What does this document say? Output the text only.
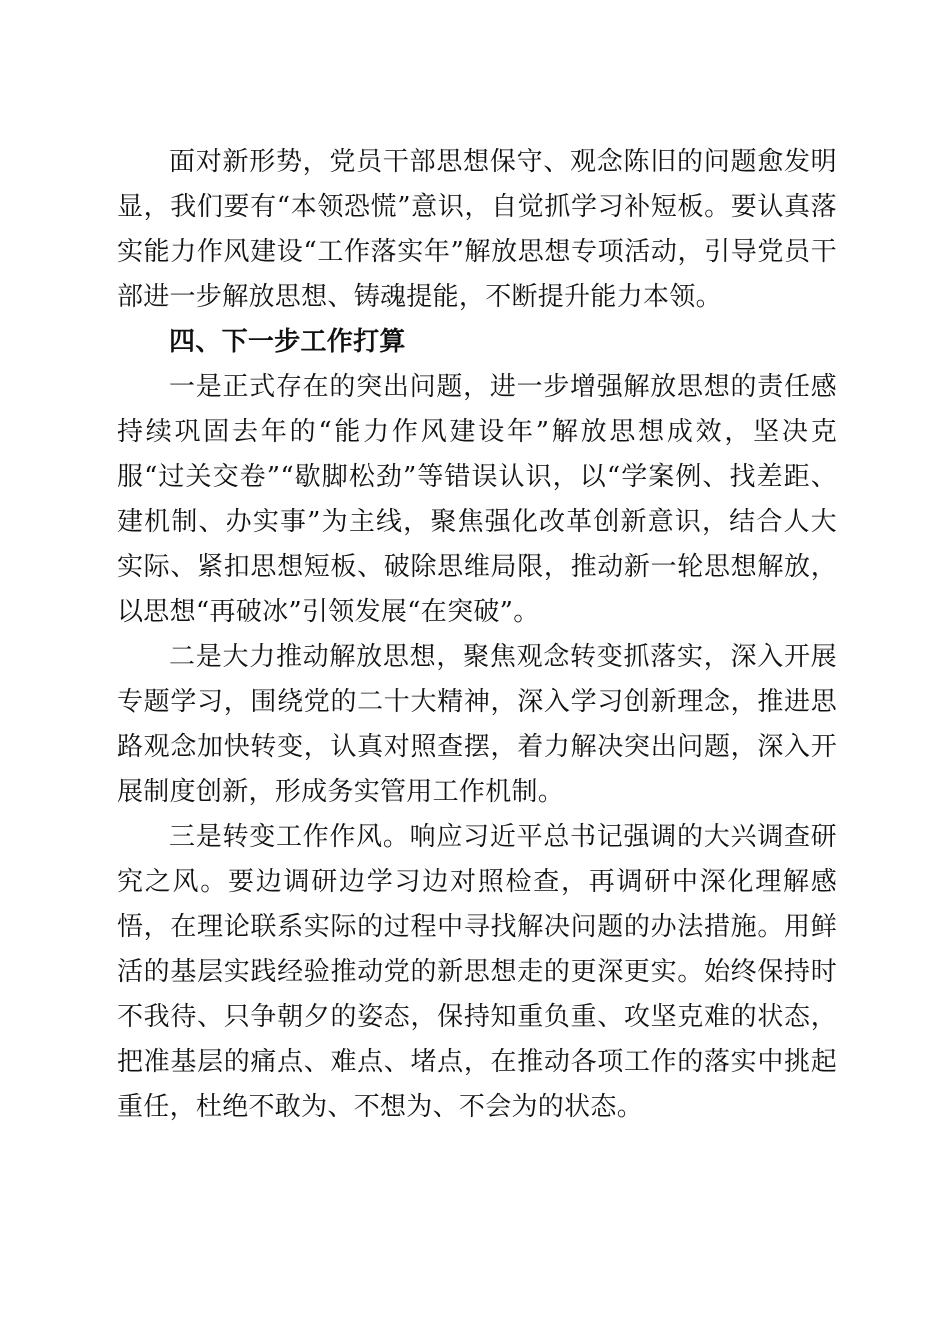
面对新形势，党员干部思想保守、观念陈旧的问题愈发明显，我们要有“本领恐慌”意识，自觉抓学习补短板。要认真落实能力作风建设“工作落实年”解放思想专项活动，引导党员干部进一步解放思想、铸魂提能，不断提升能力本领。

四、下一步工作打算

一是正式存在的突出问题，进一步增强解放思想的责任感持续巩固去年的“能力作风建设年”解放思想成效，坚决克服“过关交卷”“歇脚松劲”等错误认识，以“学案例、找差距、建机制、办实事”为主线，聚焦强化改革创新意识，结合人大实际、紧扣思想短板、破除思维局限，推动新一轮思想解放，以思想“再破冰”引领发展“在突破”。

二是大力推动解放思想，聚焦观念转变抓落实，深入开展专题学习，围绕党的二十大精神，深入学习创新理念，推进思路观念加快转变，认真对照查摆，着力解决突出问题，深入开展制度创新，形成务实管用工作机制。

三是转变工作作风。响应习近平总书记强调的大兴调查研究之风。要边调研边学习边对照检查，再调研中深化理解感悟，在理论联系实际的过程中寻找解决问题的办法措施。用鲜活的基层实践经验推动党的新思想走的更深更实。始终保持时不我待、只争朝夕的姿态，保持知重负重、攻坚克难的状态，把准基层的痛点、难点、堵点，在推动各项工作的落实中挑起重任，杜绝不敢为、不想为、不会为的状态。
